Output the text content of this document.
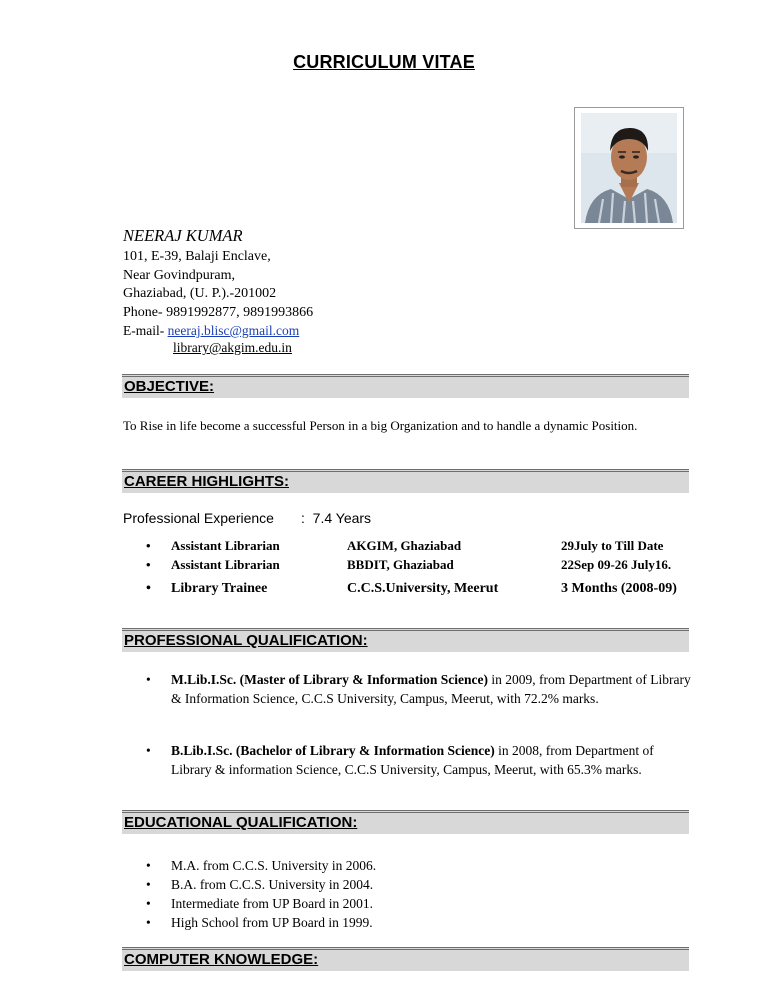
CURRICULUM VITAE
NEERAJ KUMAR
101, E-39, Balaji Enclave,
Near Govindpuram,
Ghaziabad, (U. P.).-201002
Phone- 9891992877, 9891993866
E-mail- neeraj.blisc@gmail.com
library@akgim.edu.in
OBJECTIVE:
To Rise in life become a successful Person in a big Organization and to handle a dynamic Position.
CAREER HIGHLIGHTS:
Professional Experience : 7.4 Years
• Assistant Librarian	AKGIM, Ghaziabad	29July to Till Date
• Assistant Librarian	BBDIT, Ghaziabad	22Sep 09-26 July16.
• Library Trainee	C.C.S.University, Meerut	3 Months (2008-09)
PROFESSIONAL QUALIFICATION:
• M.Lib.I.Sc. (Master of Library & Information Science) in 2009, from Department of Library & Information Science, C.C.S University, Campus, Meerut, with 72.2% marks.
• B.Lib.I.Sc. (Bachelor of Library & Information Science) in 2008, from Department of Library & information Science, C.C.S University, Campus, Meerut, with 65.3% marks.
EDUCATIONAL QUALIFICATION:
• M.A. from C.C.S. University in 2006.
• B.A. from C.C.S. University in 2004.
• Intermediate from UP Board in 2001.
• High School from UP Board in 1999.
COMPUTER KNOWLEDGE:
